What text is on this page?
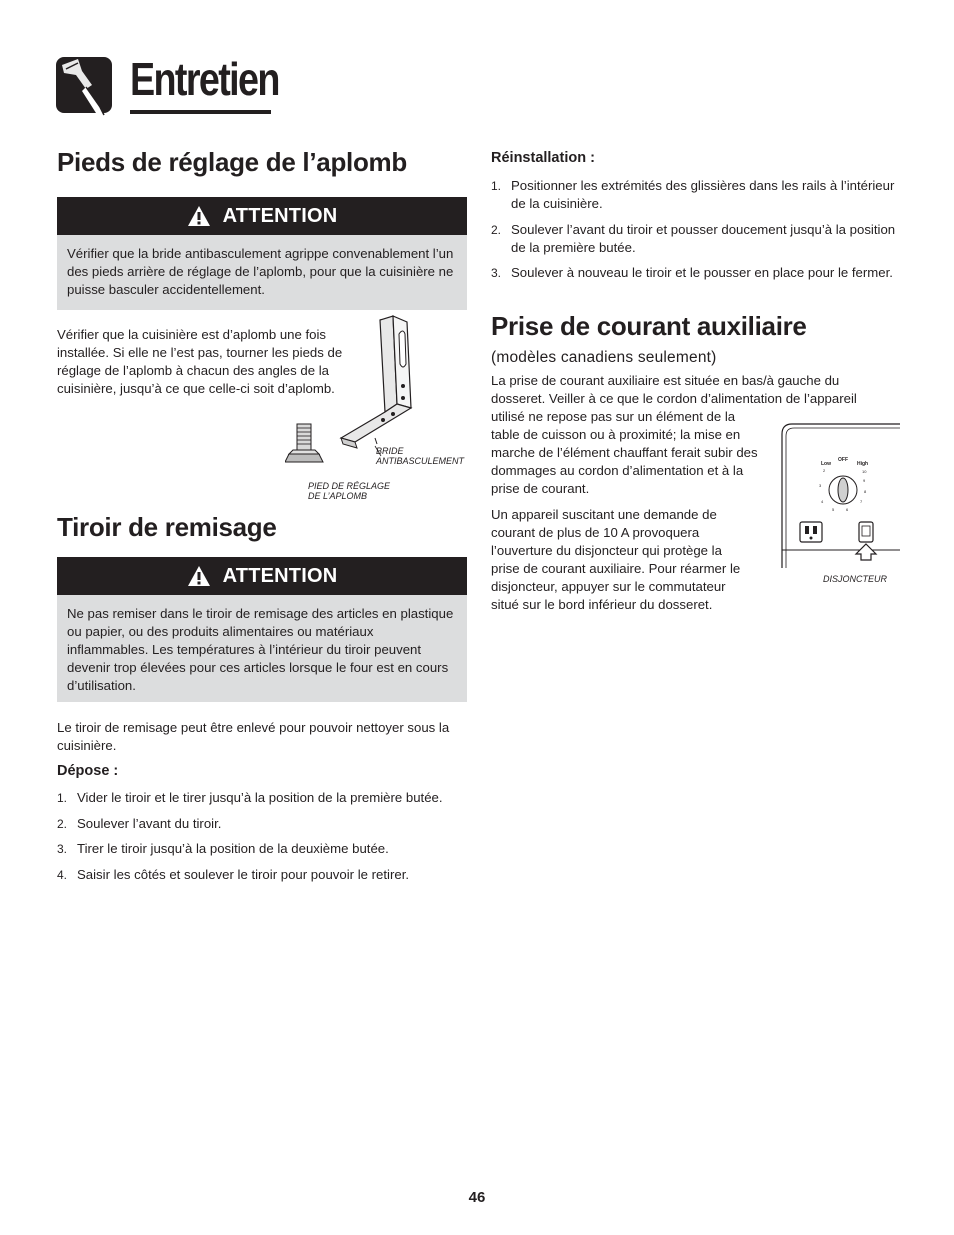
Entretien
Pieds de réglage de l’aplomb
ATTENTION
Vérifier que la bride antibasculement agrippe convenablement l’un des pieds arrière de réglage de l’aplomb, pour que la cuisinière ne puisse basculer accidentellement.
Vérifier que la cuisinière est d’aplomb une fois installée. Si elle ne l’est pas, tourner les pieds de réglage de l’aplomb à chacun des angles de la cuisinière, jusqu’à ce que celle-ci soit d’aplomb.
BRIDE
ANTIBASCULEMENT
PIED DE RÉGLAGE
DE L’APLOMB
Tiroir de remisage
ATTENTION
Ne pas remiser dans le tiroir de remisage des articles en plastique ou papier, ou des produits alimentaires ou matériaux inflammables. Les températures à l’intérieur du tiroir peuvent devenir trop élevées pour ces articles lorsque le four est en cours d’utilisation.
Le tiroir de remisage peut être enlevé pour pouvoir nettoyer sous la cuisinière.
Dépose :
1. Vider le tiroir et le tirer jusqu’à la position de la première butée.
2. Soulever l’avant du tiroir.
3. Tirer le tiroir jusqu’à la position de la deuxième butée.
4. Saisir les côtés et soulever le tiroir pour pouvoir le retirer.
Réinstallation :
1. Positionner les extrémités des glissières dans les rails à l’intérieur de la cuisinière.
2. Soulever l’avant du tiroir et pousser doucement jusqu’à la position de la première butée.
3. Soulever à nouveau le tiroir et le pousser en place pour le fermer.
Prise de courant auxiliaire
(modèles canadiens seulement)
La prise de courant auxiliaire est située en bas/à gauche du dosseret. Veiller à ce que le cordon d’alimentation de l’appareil
utilisé ne repose pas sur un élément de la table de cuisson ou à proximité; la mise en marche de l’élément chauffant ferait subir des dommages au cordon d’alimentation et à la prise de courant.
Un appareil suscitant une demande de courant de plus de 10 A provoquera l’ouverture du disjoncteur qui protège la prise de courant auxiliaire. Pour réarmer le disjoncteur, appuyer sur le commutateur situé sur le bord inférieur du dosseret.
Low
OFF
High
2
3
4
5	6
7
8
9
10
DISJONCTEUR
46
